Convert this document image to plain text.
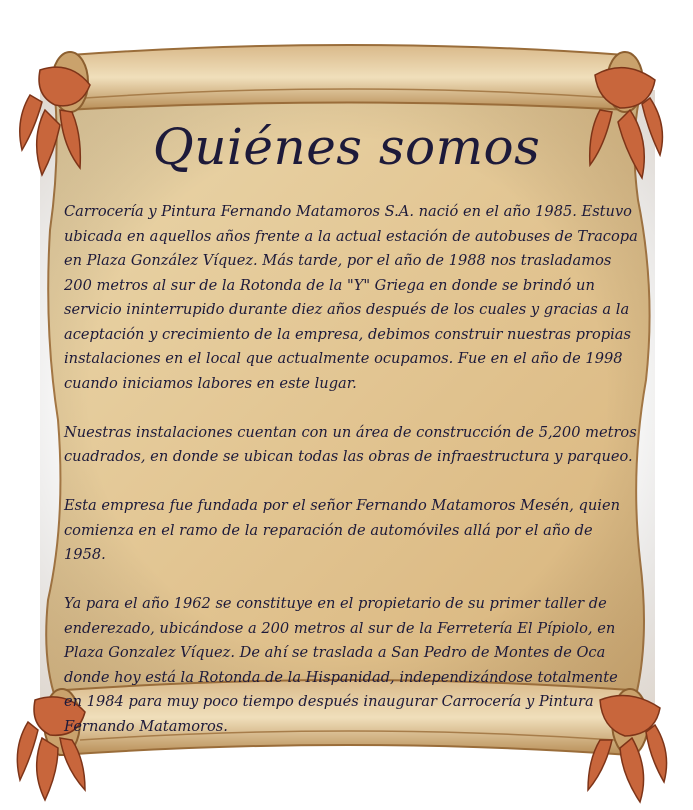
Quiénes somos

Carrocería y Pintura Fernando Matamoros S.A. nació en el año 1985. Estuvo ubicada en aquellos años frente a la actual estación de autobuses de Tracopa en Plaza González Víquez. Más tarde, por el año de 1988 nos trasladamos 200 metros al sur de la Rotonda de la "Y" Griega en donde se brindó un servicio ininterrupido durante diez años después de los cuales y gracias a la aceptación y crecimiento de la empresa, debimos construir nuestras propias instalaciones en el local que actualmente ocupamos. Fue en el año de 1998 cuando iniciamos labores en este lugar.

Nuestras instalaciones cuentan con un área de construcción de 5,200 metros cuadrados, en donde se ubican todas las obras de infraestructura y parqueo.

Esta empresa fue fundada por el señor Fernando Matamoros Mesén, quien comienza en el ramo de la reparación de automóviles allá por el año de 1958.

Ya para el año 1962 se constituye en el propietario de su primer taller de enderezado, ubicándose a 200 metros al sur de la Ferretería El Pípiolo, en Plaza Gonzalez Víquez. De ahí se traslada a San Pedro de Montes de Oca donde hoy está la Rotonda de la Hispanidad, independizándose totalmente en 1984 para muy poco tiempo después inaugurar Carrocería y Pintura Fernando Matamoros.
